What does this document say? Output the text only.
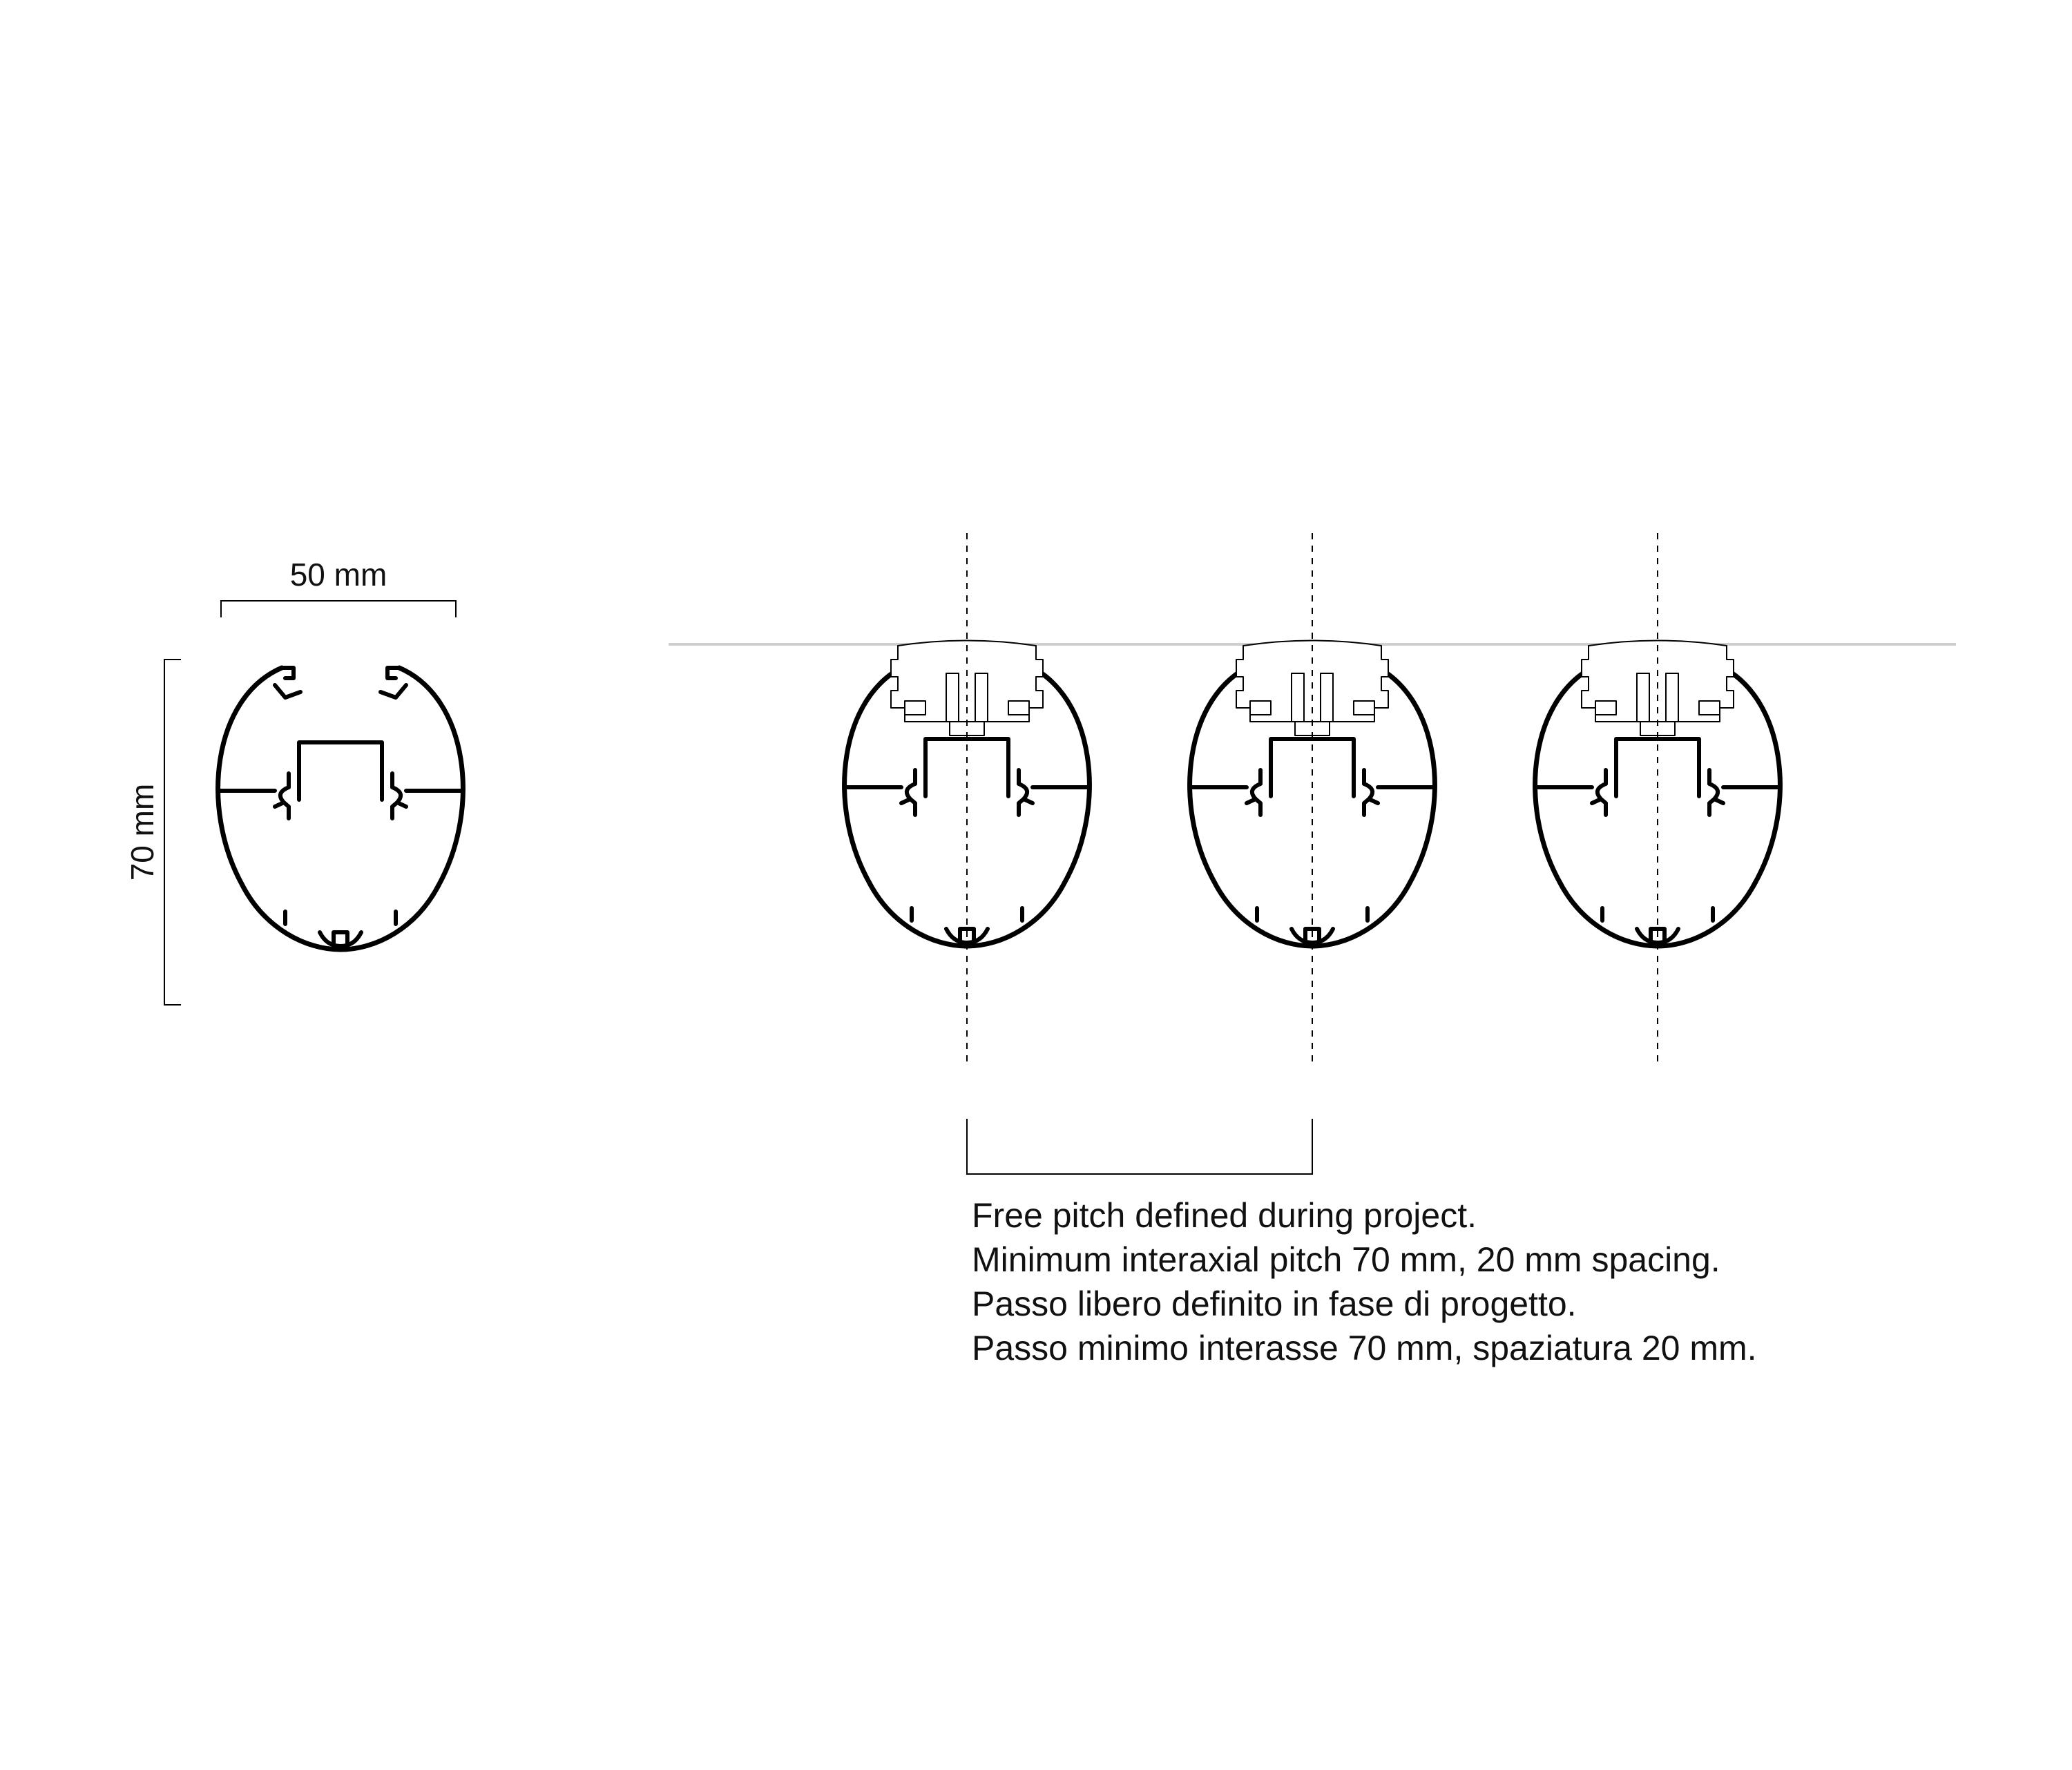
50 mm
70 mm
Free pitch defined during project.
Minimum interaxial pitch 70 mm, 20 mm spacing.
Passo libero definito in fase di progetto.
Passo minimo interasse 70 mm, spaziatura 20 mm.
